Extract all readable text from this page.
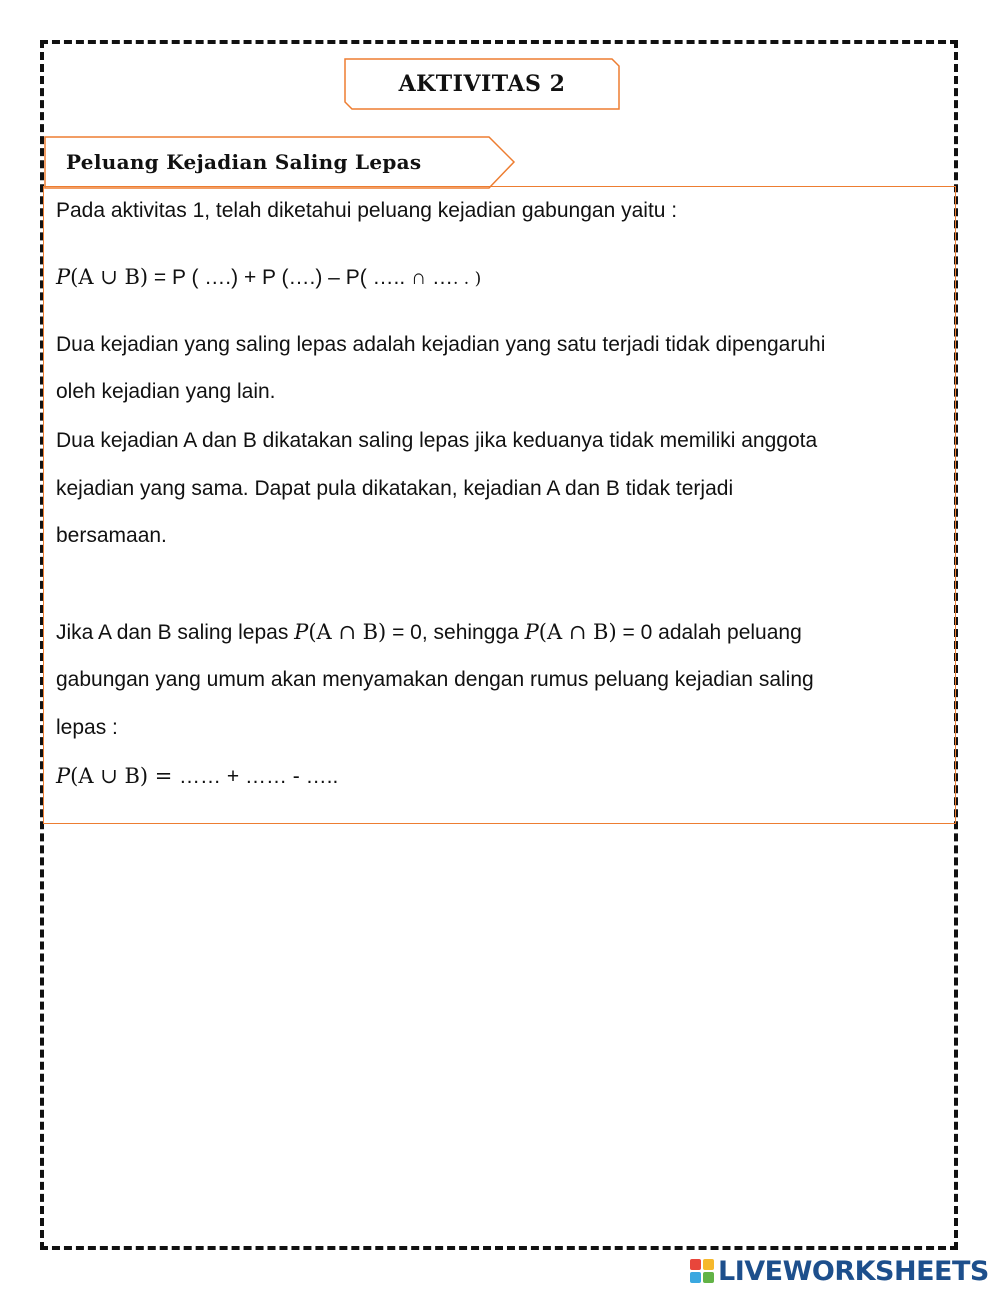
AKTIVITAS 2
Peluang Kejadian Saling Lepas
Pada aktivitas 1, telah diketahui peluang kejadian gabungan yaitu :
P(A ∪ B) = P ( ….) + P (….) – P( ….. ∩ …. . )
Dua kejadian yang saling lepas adalah kejadian yang satu terjadi tidak dipengaruhi
oleh kejadian yang lain.
Dua kejadian A dan B dikatakan saling lepas jika keduanya tidak memiliki anggota
kejadian yang sama. Dapat pula dikatakan, kejadian A dan B tidak terjadi
bersamaan.
Jika A dan B saling lepas P(A ∩ B) = 0, sehingga P(A ∩ B) = 0 adalah peluang
gabungan yang umum akan menyamakan dengan rumus peluang kejadian saling
lepas :
P(A ∪ B) = …… + …… - …..
LIVEWORKSHEETS
